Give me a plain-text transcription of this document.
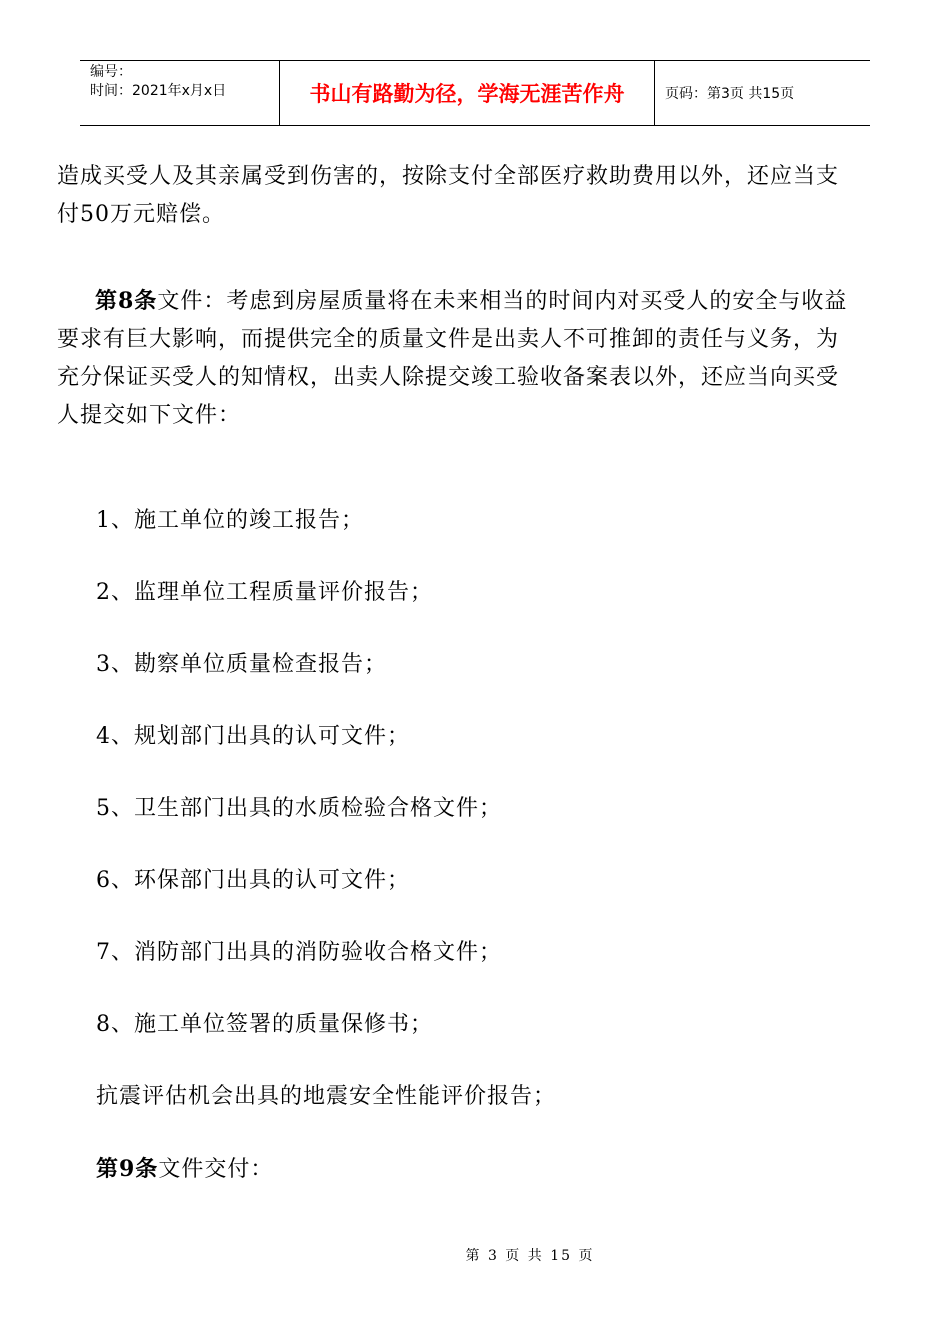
编号：
时间：2021年x月x日	书山有路勤为径，学海无涯苦作舟	页码：第3页 共15页

造成买受人及其亲属受到伤害的，按除支付全部医疗救助费用以外，还应当支
付50万元赔偿。

第8条文件：考虑到房屋质量将在未来相当的时间内对买受人的安全与收益
要求有巨大影响，而提供完全的质量文件是出卖人不可推卸的责任与义务，为
充分保证买受人的知情权，出卖人除提交竣工验收备案表以外，还应当向买受
人提交如下文件：

1、施工单位的竣工报告；

2、监理单位工程质量评价报告；

3、勘察单位质量检查报告；

4、规划部门出具的认可文件；

5、卫生部门出具的水质检验合格文件；

6、环保部门出具的认可文件；

7、消防部门出具的消防验收合格文件；

8、施工单位签署的质量保修书；

抗震评估机会出具的地震安全性能评价报告；

第9条文件交付：

第 3 页 共 15 页
